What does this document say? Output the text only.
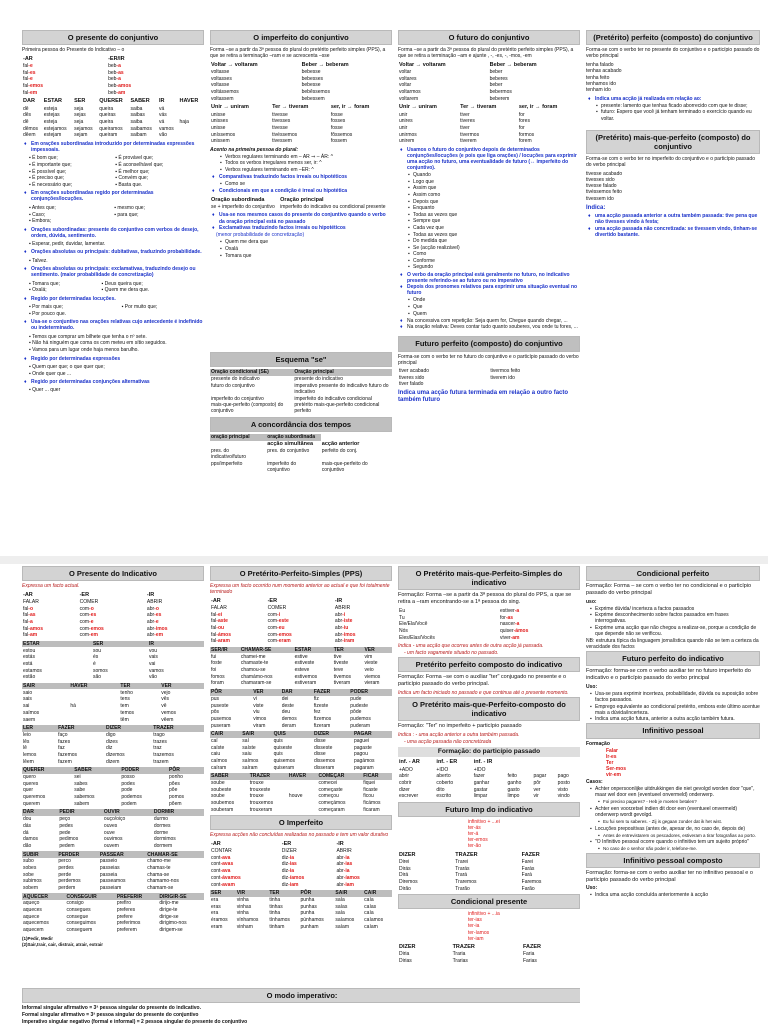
O presente do conjuntivo

Primeira pessoa do Presente do Indicativo – o

-AR	-ER/IR
fal-e	beb-a
fal-es	beb-as
fal-e	beb-a
fal-emos	beb-amos
fal-em	beb-am
DAR	ESTAR	SER	QUERER	SABER	IR	HAVER
dê	esteja	seja	queira	saiba	vá	
dês	estejas	sejas	queiras	saibas	vás	
dê	esteja	seja	queira	saiba	vá	haja
dêmos	estejamos	sejamos	queiramos	saibamos	vamos	
dêem	estejam	sejam	queiram	saibam	vão	
♦ Em orações subordinadas introduzido por determinadas expressões impessoais.
▪ É bom que;	▪ É provável que;
▪ É importante que;	▪ É aconselhável que;
▪ É possível que;	▪ É melhor que;
▪ É preciso que;	▪ Convém que;
▪ É necessário que;	▪ Basta que.
♦ Em orações subordinadas regido por determinadas conjunções/locuções.
▪ Antes que;	▪ mesmo que;
▪ Caso;	▪ para que;
▪ Embora;	
♦ Orações subordinadas: presente do conjuntivo com verbos de desejo, ordem, dúvida, sentimento.
▪ Esperar, pedir, duvidar, lamentar.	
♦ Orações absolutas ou principais: dubitativas, traduzindo probabilidade.
▪ Talvez.	
♦ Orações absolutas ou principais: exclamativas, traduzindo desejo ou sentimento. (maior probabilidade de concretização)
▪ Tomara que;	▪ Deus queira que;
▪ Oxalá;	▪ Quem me dera que.
♦ Regido por determinadas locuções.
▪ Por mais que;	▪ Por muito que;
▪ Por pouco que.	
♦ Usa-se o conjuntivo nas orações relativas cujo antecedente é indefinido ou indeterminado.
▪ Temos que comprar um bilhete que tenha o nº sete.	
▪ Não há ninguém que coma os com meteu em sítio seguidos.	
▪ Vamos para um lugar onde haja menos barulho.	
♦ Regido por determinadas expressões
▪ Quem quer que; o que quer que;	
▪ Onde quer que ...	
♦ Regido por determinadas conjunções alternativas
▪ Quer ... quer	
O imperfeito do conjuntivo

Forma –se a partir da 3ª pessoa do plural do pretérito perfeito simples (PPS), a que se retira a terminação –ram e se acrescenta –sse

Voltar → voltaram	Beber → beberam
voltasse	bebesse
voltasses	bebesses
voltasse	bebesse
voltássemos	bebêssemos
voltassem	bebessem
Unir → uniram	Ter → tiveram	ser, ir → foram
unisse	tivesse	fosse
unisses	tivesses	fosses
unisse	tivesse	fosse
uníssemos	tivéssemos	fôssemos
unissem	tivessem	fossem

Acento na primeira pessoa do plural:

▪ Verbos regulares terminando em – AR ⇒ – ÁR: ^
▪ Todos os verbos irregulares menos ser, ir: ^
▪ Verbos regulares terminando em –ER: ^
♦ Comparativas traduzindo factos irreais ou hipotéticos
▪ Como se
♦ Condicionais em que a condição é irreal ou hipotética
Oração subordinada	Oração principal
se + imperfeito do conjuntivo	imperfeito do indicativo ou condicional presente
♦ Usa-se nos mesmos casos do presente do conjuntivo quando o verbo da oração principal está no passado
♦ Exclamativas traduzindo factos irreais ou hipotéticos

(menor probabilidade de concretização)

▪ Quem me dera que
▪ Oxalá
▪ Tomara que
Esquema "se"
Oração condicional (SE)	Oração principal
presente do indicativo	presente do indicativo
futuro do conjuntivo	imperativo presente do indicativo futuro do indicativo
imperfeito do conjuntivo	imperfeito do indicativo condicional
mais-que-perfeito (composto) do conjuntivo	pretérito mais-que-perfeito condicional perfeito
A concordância dos tempos
oração principal	oração subordinada	
	acção simultânea	acção anterior
pres. do indicativo/futuro	pres. do conjuntivo	perfeito do conj.
pps/imperfeito	imperfeito do conjuntivo	mais-que-perfeito do conjuntivo
O futuro do conjuntivo

Forma –se a partir da 3ª pessoa do plural do pretérito perfeito simples (PPS), a que se retira a terminação –am e ajunte , -, -es, -, -mos, -em

Voltar → voltaram	Beber → beberam
voltar	beber
voltares	beberes
voltar	beber
voltarmos	bebermos
voltarem	beberem
Unir → uniram	Ter → tiveram	ser, ir → foram
unir	tiver	for
unires	tiveres	fores
unir	tiver	for
unirmos	tivermos	formos
unirem	tiverem	forem
♦ Usamos o futuro do conjuntivo depois de determinados conjunções/locuções (e pois que liga orações) / locuções para exprimir uma acção no futuro, uma eventualidade de futuro (↔ imperfeito do conjuntivo).
▪ Quando
▪ Logo que
▪ Assim que
▪ Assim como
▪ Depois que
▪ Enquanto
▪ Todas as vezes que
▪ Sempre que
▪ Cada vez que
▪ Todas as vezes que
▪ Do medida que
▪ Se (acção realizável)
▪ Como
▪ Conforme
▪ Segundo
♦ O verbo da oração principal está geralmente no futuro, no indicativo presente referindo-se ao futuro ou no imperativo
♦ Depois dos pronomes relativos para exprimir uma situação eventual no futuro
▪ Onde
▪ Que
▪ Quem
♦ Na concessiva com repetição: Seja quem for, Chegue quando chegar, ...
♦ Na oração relativa: Deves contar tudo quanto souberes, vou onde tu fores, ...
Futuro perfeito (composto) do conjuntivo

Forma-se com o verbo ter no futuro do conjuntivo e o particípio passado do verbo principal

tiver acabado	tivermos feito
tiveres sido	tiverem ido
tiver falado	

Indica uma acção futura terminada em relação a outro facto também futuro

(Pretérito) perfeito (composto) do conjuntivo

Forma-se com o verbo ter no presente do conjuntivo e o particípio passado do verbo principal

tenha falado
tenhas acabado
tenha feito
tenhamos ido
tenham ido
♦ Indica uma acção já realizada em relação ao:
▪ presente: lamento que tenhas ficado aborrecido com que te disse;
▪ futuro: Espero que você já tenham terminado o exercício quando eu voltar.
(Pretérito) mais-que-perfeito (composto) do conjuntivo

Forma-se com o verbo ter no imperfeito do conjuntivo e o particípio passado do verbo principal

tivesse acabado
tivesses sido
tivesse falado
tivéssemos feito
tivessem ido

Indica:

♦ uma acção passada anterior a outra também passada: tive pena que não tivesses vindo à festa;
♦ uma acção passada não concretizada: se tivessem vindo, tinham-se divertido bastante.
O Presente do Indicativo

Expressa um facto actual.

-AR	-ER	-IR
FALAR	COMER	ABRIR
fal-o	com-o	abr-o
fal-as	com-es	abr-es
fal-a	com-e	abr-e
fal-amos	com-emos	abr-imos
fal-am	com-em	abr-em
ESTAR	SER	IR
estou	sou	vou
estás	és	vais
está	é	vai
estamos	somos	vamos
estão	são	vão
SAIR	HAVER	TER	VER
saio		tenho	vejo
sais		tens	vês
sai	há	tem	vê
saímos		temos	vemos
saem		têm	vêem
LER	FAZER	DIZER	TRAZER
leio	faço	digo	trago
lês	fazes	dizes	trazes
lê	faz	diz	traz
lemos	fazemos	dizemos	trazemos
lêem	fazem	dizem	trazem
QUERER	SABER	PODER	PÔR
quero	sei	posso	ponho
queres	sabes	podes	pões
quer	sabe	pode	põe
queremos	sabemos	podemos	pomos
querem	sabem	podem	põem
DAR	PEDIR	OUVIR	DORMIR
dou	peço	ouço/oiço	durmo
dás	pedes	ouves	dormes
dá	pede	ouve	dorme
damos	pedimos	ouvimos	dormimos
dão	pedem	ouvem	dormem
SUBIR	PERDER	PASSEAR	CHAMAR-SE
subo	perco	passeio	chamo-me
sobes	perdes	passeias	chamas-te
sobe	perde	passeia	chama-se
subimos	perdemos	passeamos	chamamo-nos
sobem	perdem	passeiam	chamam-se
AQUECER	CONSEGUIR	PREFERIR	DIRIGIR-SE
aqueço	consigo	prefiro	dirijo-me
aqueces	consegues	preferes	dirige-te
aquece	consegue	prefere	dirige-se
aquecemos	conseguimos	preferimos	dirigimo-nos
aquecem	conseguem	preferem	dirigem-se

(1)Pedir, Medir

(2)Sair,trair, cair, distrair, atrair, extrair

O Pretérito-Perfeito-Simples (PPS)

Expressa um facto ocorrido num momento anterior ao actual e que foi totalmente terminado

-AR	-ER	-IR
FALAR	COMER	ABRIR
fal-ei	com-i	abr-i
fal-aste	com-este	abr-iste
fal-ou	com-eu	abr-iu
fal-ámos	com-emos	abr-imos
fal-aram	com-eram	abr-iram
SER/IR	CHAMAR-SE	ESTAR	TER	VER
fui	chamei-me	estive	tive	vim
foste	chamaste-te	estiveste	tiveste	vieste
foi	chamou-se	esteve	teve	veio
fomos	chamámo-nos	estivemos	tivemos	viemos
foram	chamaram-se	estiveram	tiveram	vieram
PÔR	VER	DAR	FAZER	PODER
pus	vi	dei	fiz	pude
puseste	viste	deste	fizeste	pudeste
pôs	viu	deu	fez	pôde
pusemos	vimos	demos	fizemos	pudemos
puseram	viram	deram	fizeram	puderam
CAIR	SAIR	QUIS	DIZER	PAGAR
caí	saí	quis	disse	paguei
caíste	saíste	quiseste	disseste	pagaste
caiu	saiu	quis	disse	pagou
caímos	saímos	quisemos	dissemos	pagámos
caíram	saíram	quiseram	disseram	pagaram
SABER	TRAZER	HAVER	COMEÇAR	FICAR
soube	trouxe		comecei	fiquei
soubeste	trouxeste		começaste	ficaste
soube	trouxe	houve	começou	ficou
soubemos	trouxemos		começámos	ficámos
souberam	trouxeram		começaram	ficaram
O Imperfeito

Expressa acções não concluídas realizadas no passado e tem um valor durativo

-AR	-ER	-IR
CONTAR	DIZER	ABRIR
cont-ava	diz-ia	abr-ia
cont-avas	diz-ias	abr-ias
cont-ava	diz-ia	abr-ia
cont-ávamos	diz-íamos	abr-íamos
cont-avam	diz-iam	abr-iam
SER	VIR	TER	PÔR	SAIR	CAIR
era	vinha	tinha	punha	saía	caía
eras	vinhas	tinhas	punhas	saías	caías
era	vinha	tinha	punha	saía	caía
éramos	vínhamos	tínhamos	púnhamos	saíamos	caíamos
eram	vinham	tinham	punham	saíam	caíam
O Pretérito mais-que-Perfeito-Simples do indicativo

Formação: Forma –se a partir da 3ª pessoa do plural do PPS, a que se retira a –ram encontrando-se a 1ª pessoa do sing.

Eu	estiver-a
Tu	for-as
Ele/Ela/Você	nascer-a
Nós	quiser-ámos
Eles/Elas/Vocês	viver-am

Indica - uma acção que ocorreu antes de outra acção já passada.

- um facto vagamente situado no passado.

Pretérito perfeito composto do indicativo

Formação: Forma –se com o auxiliar "ter" conjugado no presente e o particípio passado do verbo principal.

Indica um facto iniciado no passado e que continua até o presente momento.

O Pretérito mais-que-Perfeito-composto do indicativo

Formação: "Ter" no imperfeito + particípio passado

Indica : - uma acção anterior a outra também passada.

- uma acção passada não concretizada

Formação: do particípio passado
inf. - AR	inf. - ER	inf. - IR			
+ADO	+IDO	+IDO			
abrir	aberto	fazer	feito	pagar	pago
cobrir	coberto	ganhar	ganho	pôr	posto
dizer	dito	gastar	gasto	ver	visto
escrever	escrito	limpar	limpo	vir	vindo
Futuro Imp do indicativo
infinitivo + ...ei
ter-ás
ter-á
ter-emos
ter-ão
DIZER	TRAZER	FAZER
Direi	Trarei	Farei
Dirás	Trarás	Farás
Dirá	Trará	Fará
Diremos	Traremos	Faremos
Dirão	Trarão	Farão
Condicional presente
infinitivo + ...ia
ter-ias
ter-ia
ter-íamos
ter-iam
DIZER	TRAZER	FAZER
Diria	Traria	Faria
Dirias	Trarias	Farias
Condicional perfeito

Formação: Forma – se com o verbo ter no condicional e o particípio passado do verbo principal

uso:

▪ Exprime dúvida/ incerteza a factos passados
▪ Exprime desconhecimento sobre factos passados em frases interrogativas.
▪ Exprime uma acção que não chegou a realizar-se, porque a condição de que depende não se verificou.

NB: estrutura típica da linguagem jornalística quando não se tem a certeza da veracidade dos factos

Futuro perfeito do indicativo

Formação: forma-se com o verbo auxiliar ter no futuro imperfeito do indicativo e o particípio passado do verbo principal

Uso:

▪ Usa-se para exprimir incerteza, probabilidade, dúvida ou suposição sobre factos passados.
▪ Emprego equivalente ao condicional pretérito, embora este último acentue mais a dúvida/incerteza.
▪ Indica uma acção futura, anterior a outra acção também futura.
Infinitivo pessoal

Formação

Falar
Ir-es
Ter
Ser-mos
vir-em

Casos:

▪ Achter onpersoonlijke uitdrukkingen die niet gevolgd worden door "que", maar wel door een (eventueel onvermeld) onderwerp.
▪ Foi preciso pagares? - Heb je moeten betalen?
▪ Achter een voorzetsel indien dit door een (eventueel onvermeld) onderwerp wordt gevolgd.
▪ Eu fui sem tu saberes. - Zij is gegaan zonder dat ik het wist.
▪ Locuções prepositivas (antes de, apesar de, no caso de, depois de)
▪ Antes de entrevistarem os pescadores, estiveram a tirar fotografias ao porto.
▪ "O Infinitivo pessoal ocorre quando o infinitivo tem um sujeito próprio"
▪ No caso de o senhor não poder ir, telefone-me.
Infinitivo pessoal composto

Formação: forma-se com o verbo auxiliar ter no infinitivo pessoal e o particípio passado do verbo principal

Uso:

▪ Indica uma acção concluída anteriormente à acção
O modo imperativo:

Informal singular afirmativo = 3ª pessoa singular do presente do indicativo.

Formal singular afirmativo = 3ª pessoa singular do presente do conjuntivo

Imperativo singular negativo (formal e informal) = 2 pessoa singular do presente do conjuntivo
